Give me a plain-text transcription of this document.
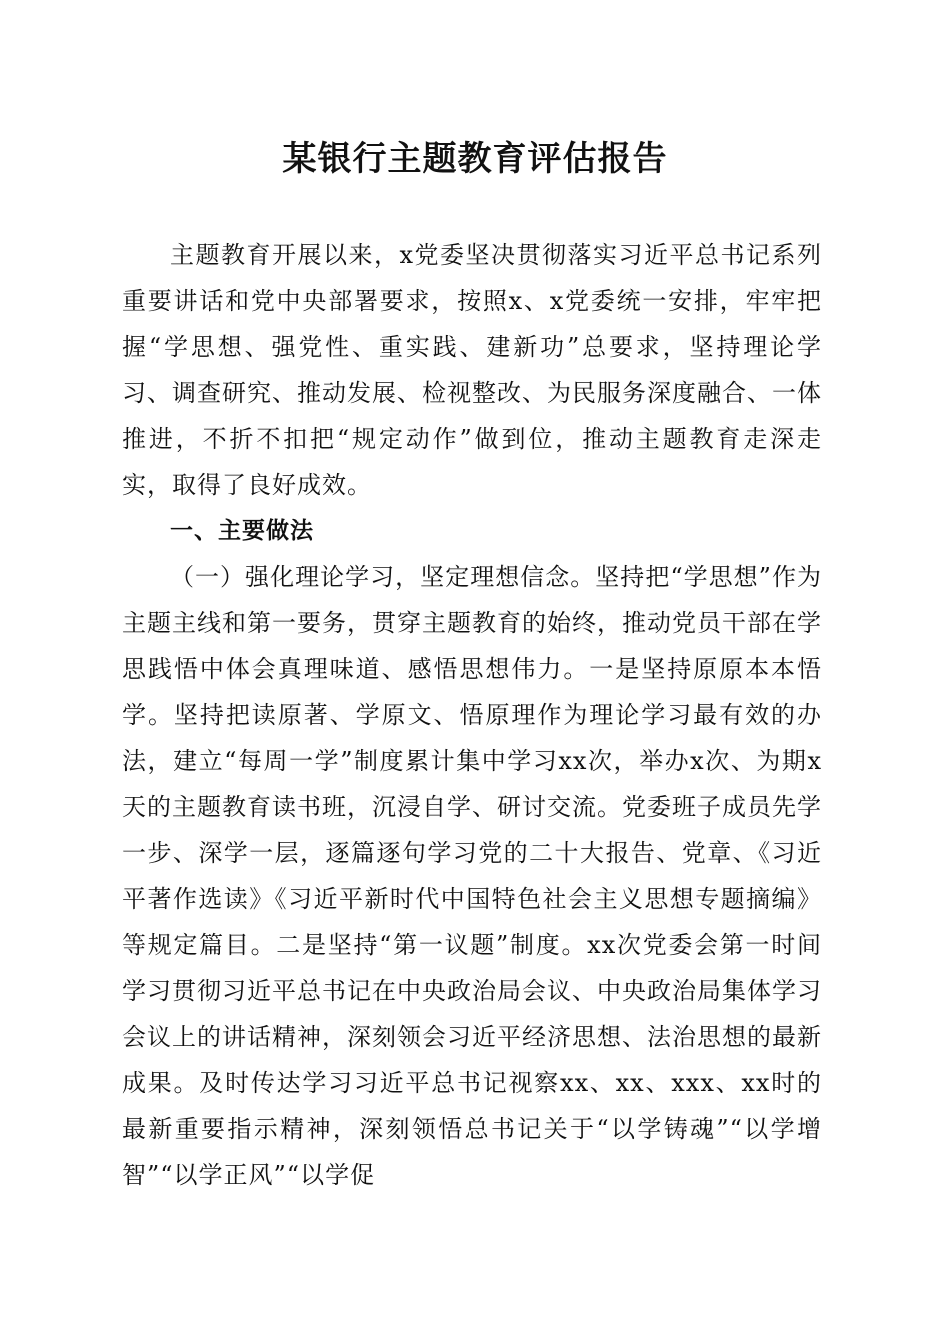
某银行主题教育评估报告

主题教育开展以来，x党委坚决贯彻落实习近平总书记系列重要讲话和党中央部署要求，按照x、x党委统一安排，牢牢把握“学思想、强党性、重实践、建新功”总要求，坚持理论学习、调查研究、推动发展、检视整改、为民服务深度融合、一体推进，不折不扣把“规定动作”做到位，推动主题教育走深走实，取得了良好成效。

一、主要做法

（一）强化理论学习，坚定理想信念。坚持把“学思想”作为主题主线和第一要务，贯穿主题教育的始终，推动党员干部在学思践悟中体会真理味道、感悟思想伟力。一是坚持原原本本悟学。坚持把读原著、学原文、悟原理作为理论学习最有效的办法，建立“每周一学”制度累计集中学习xx次，举办x次、为期x天的主题教育读书班，沉浸自学、研讨交流。党委班子成员先学一步、深学一层，逐篇逐句学习党的二十大报告、党章、《习近平著作选读》《习近平新时代中国特色社会主义思想专题摘编》等规定篇目。二是坚持“第一议题”制度。xx次党委会第一时间学习贯彻习近平总书记在中央政治局会议、中央政治局集体学习会议上的讲话精神，深刻领会习近平经济思想、法治思想的最新成果。及时传达学习习近平总书记视察xx、xx、xxx、xx时的最新重要指示精神，深刻领悟总书记关于“以学铸魂”“以学增智”“以学正风”“以学促
